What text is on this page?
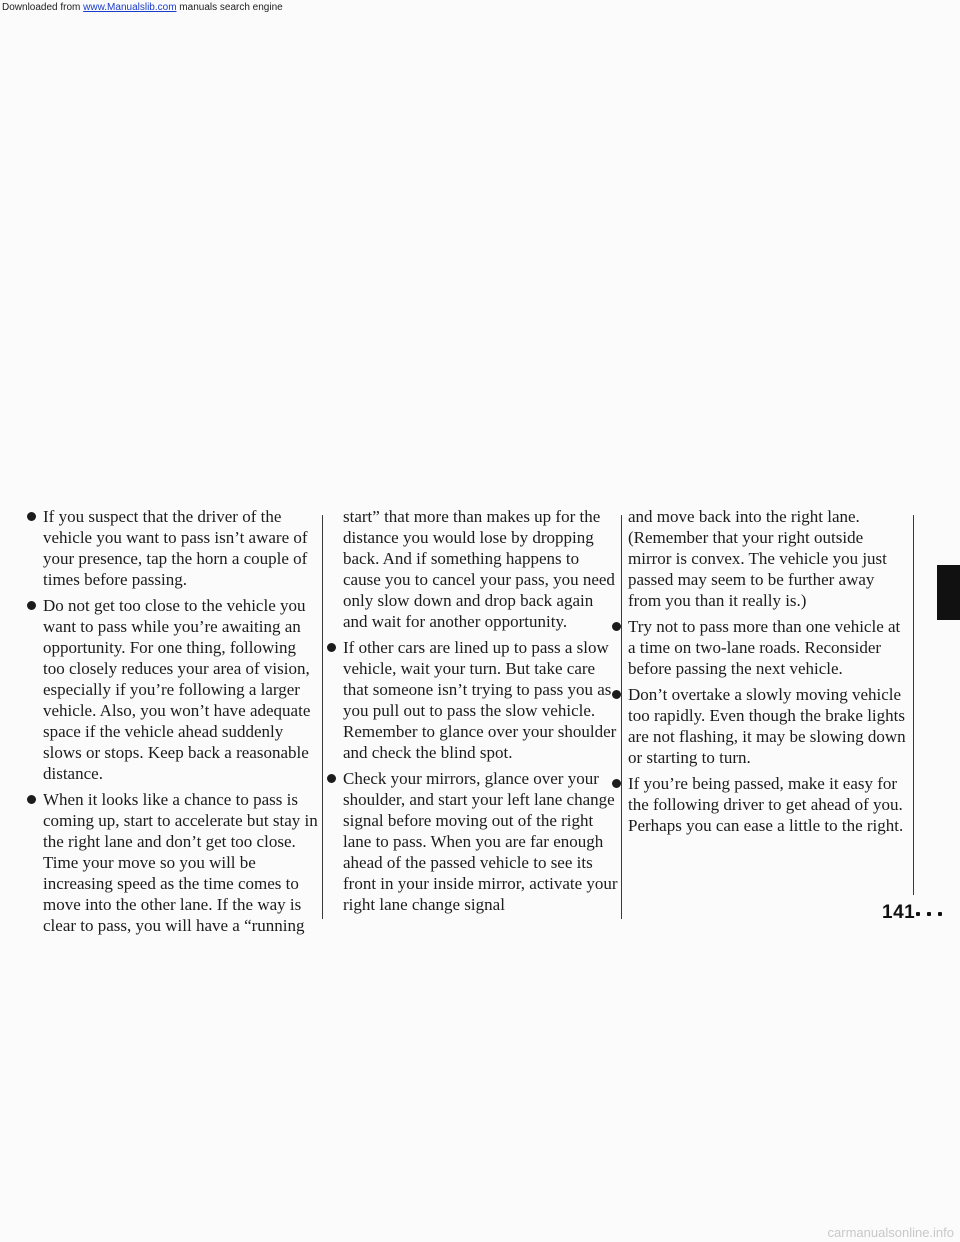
Downloaded from www.Manualslib.com manuals search engine
If you suspect that the driver of the vehicle you want to pass isn’t aware of your presence, tap the horn a couple of times before passing.
Do not get too close to the vehicle you want to pass while you’re awaiting an opportunity. For one thing, following too closely reduces your area of vision, especially if you’re following a larger vehicle. Also, you won’t have adequate space if the vehicle ahead suddenly slows or stops. Keep back a reasonable distance.
When it looks like a chance to pass is coming up, start to accelerate but stay in the right lane and don’t get too close. Time your move so you will be increasing speed as the time comes to move into the other lane. If the way is clear to pass, you will have a “running

start” that more than makes up for the distance you would lose by dropping back. And if something happens to cause you to cancel your pass, you need only slow down and drop back again and wait for another opportunity.

If other cars are lined up to pass a slow vehicle, wait your turn. But take care that someone isn’t trying to pass you as you pull out to pass the slow vehicle. Remember to glance over your shoulder and check the blind spot.
Check your mirrors, glance over your shoulder, and start your left lane change signal before moving out of the right lane to pass. When you are far enough ahead of the passed vehicle to see its front in your inside mirror, activate your right lane change signal

and move back into the right lane. (Remember that your right outside mirror is convex. The vehicle you just passed may seem to be further away from you than it really is.)

Try not to pass more than one vehicle at a time on two-lane roads. Reconsider before passing the next vehicle.
Don’t overtake a slowly moving vehicle too rapidly. Even though the brake lights are not flashing, it may be slowing down or starting to turn.
If you’re being passed, make it easy for the following driver to get ahead of you. Perhaps you can ease a little to the right.
141
carmanualsonline.info
